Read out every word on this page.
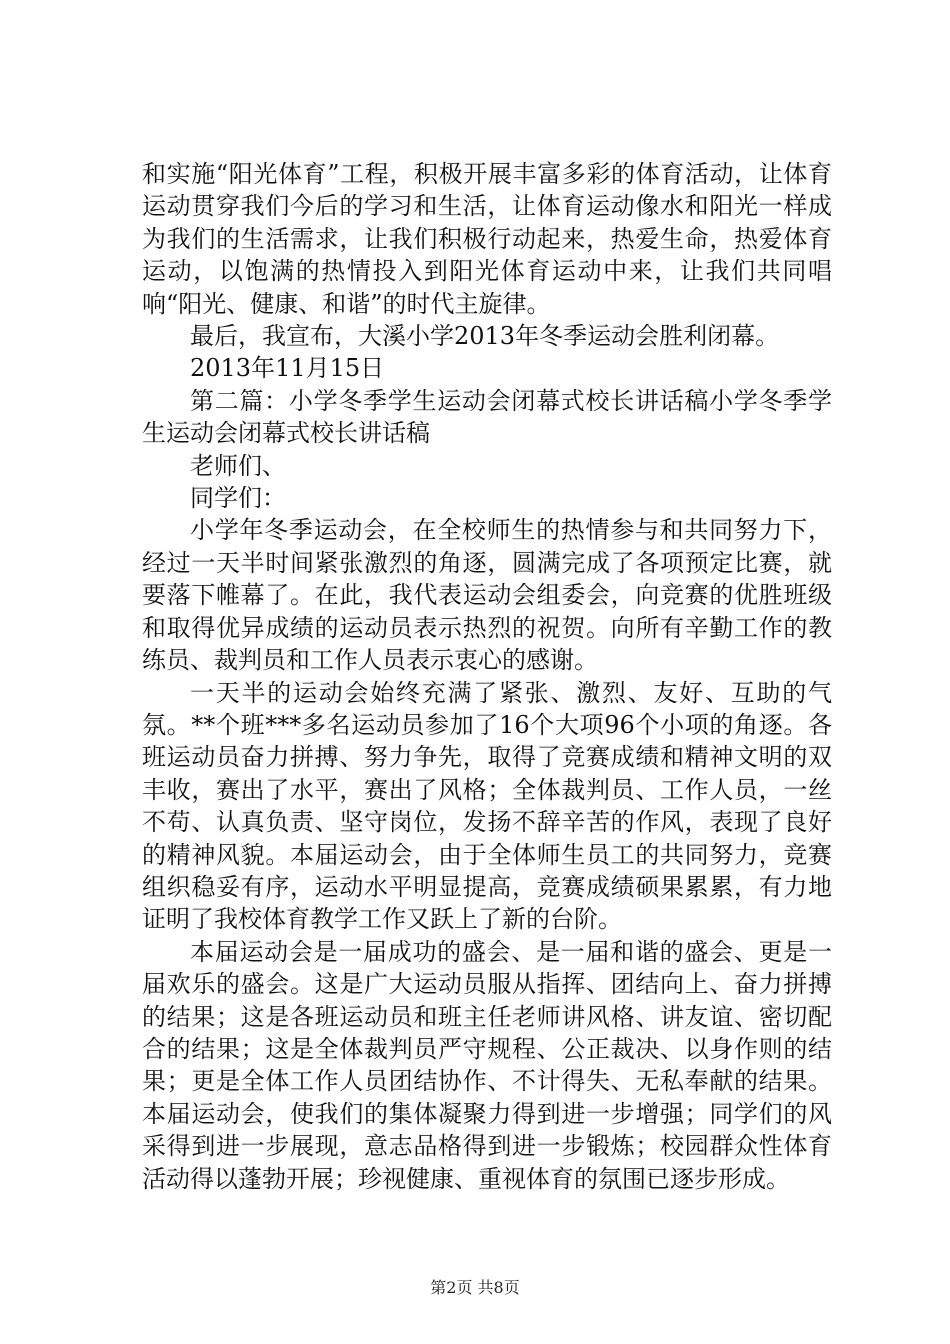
和实施“阳光体育”工程，积极开展丰富多彩的体育活动，让体育运动贯穿我们今后的学习和生活，让体育运动像水和阳光一样成为我们的生活需求，让我们积极行动起来，热爱生命，热爱体育运动，以饱满的热情投入到阳光体育运动中来，让我们共同唱响“阳光、健康、和谐”的时代主旋律。

最后，我宣布，大溪小学2013年冬季运动会胜利闭幕。

2013年11月15日

第二篇：小学冬季学生运动会闭幕式校长讲话稿小学冬季学生运动会闭幕式校长讲话稿

老师们、

同学们：

小学年冬季运动会，在全校师生的热情参与和共同努力下，经过一天半时间紧张激烈的角逐，圆满完成了各项预定比赛，就要落下帷幕了。在此，我代表运动会组委会，向竞赛的优胜班级和取得优异成绩的运动员表示热烈的祝贺。向所有辛勤工作的教练员、裁判员和工作人员表示衷心的感谢。

一天半的运动会始终充满了紧张、激烈、友好、互助的气氛。**个班***多名运动员参加了16个大项96个小项的角逐。各班运动员奋力拼搏、努力争先，取得了竞赛成绩和精神文明的双丰收，赛出了水平，赛出了风格；全体裁判员、工作人员，一丝不苟、认真负责、坚守岗位，发扬不辞辛苦的作风，表现了良好的精神风貌。本届运动会，由于全体师生员工的共同努力，竞赛组织稳妥有序，运动水平明显提高，竞赛成绩硕果累累，有力地证明了我校体育教学工作又跃上了新的台阶。

本届运动会是一届成功的盛会、是一届和谐的盛会、更是一届欢乐的盛会。这是广大运动员服从指挥、团结向上、奋力拼搏的结果；这是各班运动员和班主任老师讲风格、讲友谊、密切配合的结果；这是全体裁判员严守规程、公正裁决、以身作则的结果；更是全体工作人员团结协作、不计得失、无私奉献的结果。本届运动会，使我们的集体凝聚力得到进一步增强；同学们的风采得到进一步展现，意志品格得到进一步锻炼；校园群众性体育活动得以蓬勃开展；珍视健康、重视体育的氛围已逐步形成。

第2页 共8页
